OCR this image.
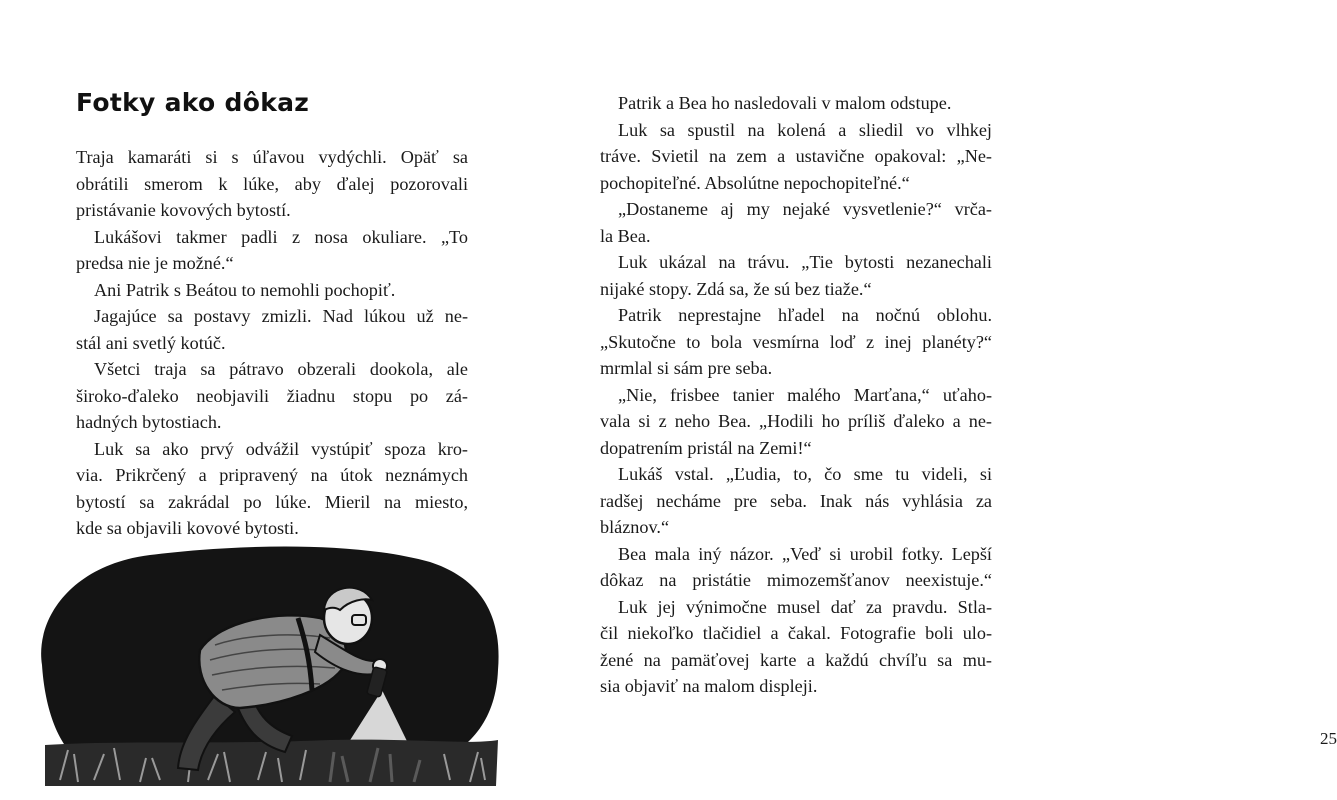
Fotky ako dôkaz
Traja kamaráti si s úľavou vydýchli. Opäť sa
obrátili smerom k lúke, aby ďalej pozorovali
pristávanie kovových bytostí.
Lukášovi takmer padli z nosa okuliare. „To
predsa nie je možné.“
Ani Patrik s Beátou to nemohli pochopiť.
Jagajúce sa postavy zmizli. Nad lúkou už ne-
stál ani svetlý kotúč.
Všetci traja sa pátravo obzerali dookola, ale
široko-ďaleko neobjavili žiadnu stopu po zá-
hadných bytostiach.
Luk sa ako prvý odvážil vystúpiť spoza kro-
via. Prikrčený a pripravený na útok neznámych
bytostí sa zakrádal po lúke. Mieril na miesto,
kde sa objavili kovové bytosti.
25
Patrik a Bea ho nasledovali v malom odstupe.
Luk sa spustil na kolená a sliedil vo vlhkej
tráve. Svietil na zem a ustavične opakoval: „Ne-
pochopiteľné. Absolútne nepochopiteľné.“
„Dostaneme aj my nejaké vysvetlenie?“ vrča-
la Bea.
Luk ukázal na trávu. „Tie bytosti nezanechali
nijaké stopy. Zdá sa, že sú bez tiaže.“
Patrik neprestajne hľadel na nočnú oblohu.
„Skutočne to bola vesmírna loď z inej planéty?“
mrmlal si sám pre seba.
„Nie, frisbee tanier malého Marťana,“ uťaho-
vala si z neho Bea. „Hodili ho príliš ďaleko a ne-
dopatrením pristál na Zemi!“
Lukáš vstal. „Ľudia, to, čo sme tu videli, si
radšej necháme pre seba. Inak nás vyhlásia za
bláznov.“
Bea mala iný názor. „Veď si urobil fotky. Lepší
dôkaz na pristátie mimozemšťanov neexistuje.“
Luk jej výnimočne musel dať za pravdu. Stla-
čil niekoľko tlačidiel a čakal. Fotografie boli ulo-
žené na pamäťovej karte a každú chvíľu sa mu-
sia objaviť na malom displeji.
